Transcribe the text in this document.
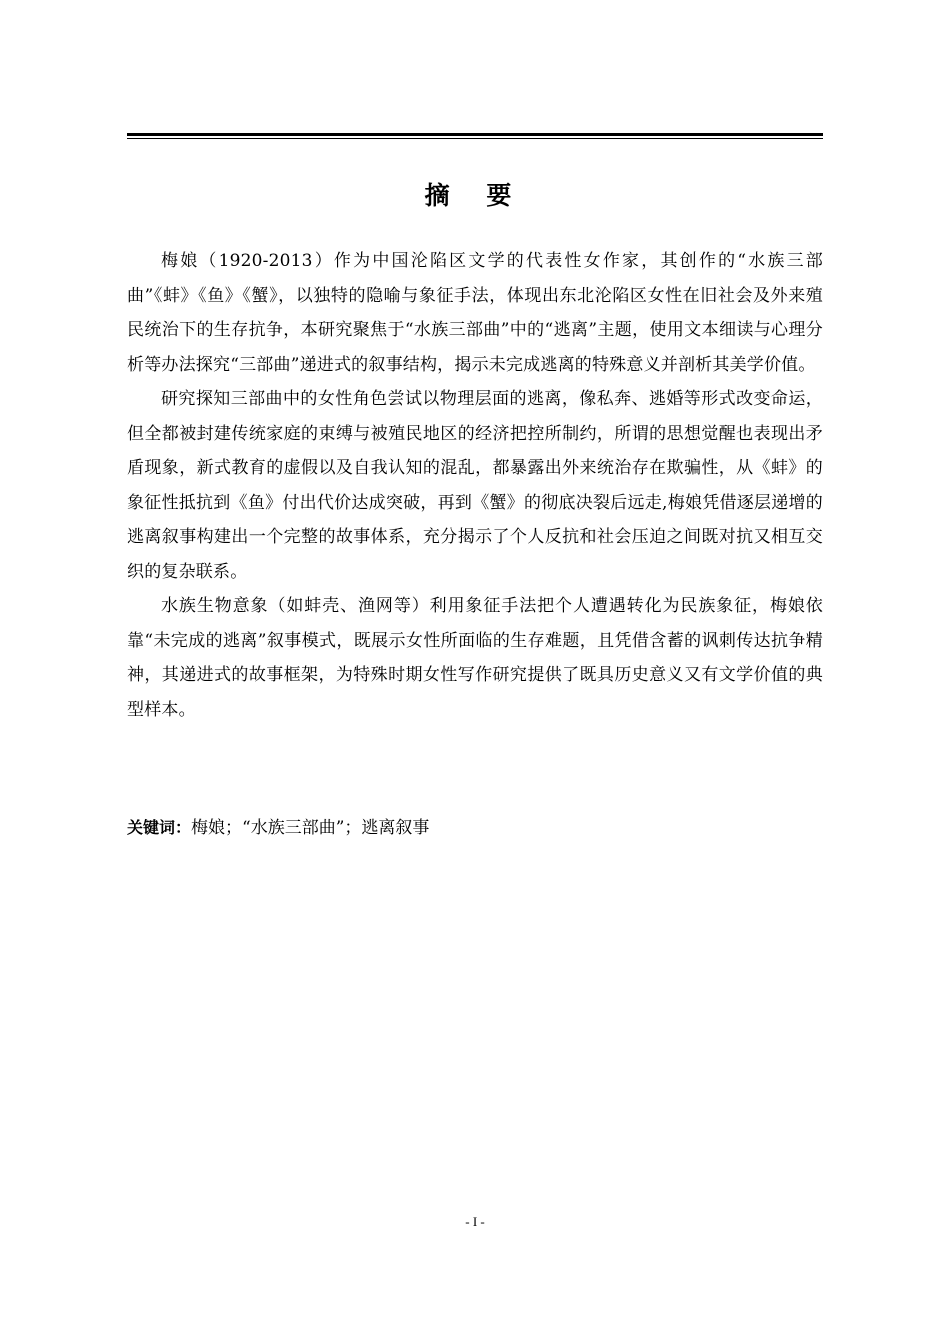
摘 要

梅娘（1920-2013）作为中国沦陷区文学的代表性女作家，其创作的“水族三部曲”《蚌》《鱼》《蟹》，以独特的隐喻与象征手法，体现出东北沦陷区女性在旧社会及外来殖民统治下的生存抗争，本研究聚焦于“水族三部曲”中的“逃离”主题，使用文本细读与心理分析等办法探究“三部曲”递进式的叙事结构，揭示未完成逃离的特殊意义并剖析其美学价值。

研究探知三部曲中的女性角色尝试以物理层面的逃离，像私奔、逃婚等形式改变命运，但全都被封建传统家庭的束缚与被殖民地区的经济把控所制约，所谓的思想觉醒也表现出矛盾现象，新式教育的虚假以及自我认知的混乱，都暴露出外来统治存在欺骗性，从《蚌》的象征性抵抗到《鱼》付出代价达成突破，再到《蟹》的彻底决裂后远走,梅娘凭借逐层递增的逃离叙事构建出一个完整的故事体系，充分揭示了个人反抗和社会压迫之间既对抗又相互交织的复杂联系。

水族生物意象（如蚌壳、渔网等）利用象征手法把个人遭遇转化为民族象征，梅娘依靠“未完成的逃离”叙事模式，既展示女性所面临的生存难题，且凭借含蓄的讽刺传达抗争精神，其递进式的故事框架，为特殊时期女性写作研究提供了既具历史意义又有文学价值的典型样本。

关键词：梅娘；“水族三部曲”；逃离叙事
- I -
